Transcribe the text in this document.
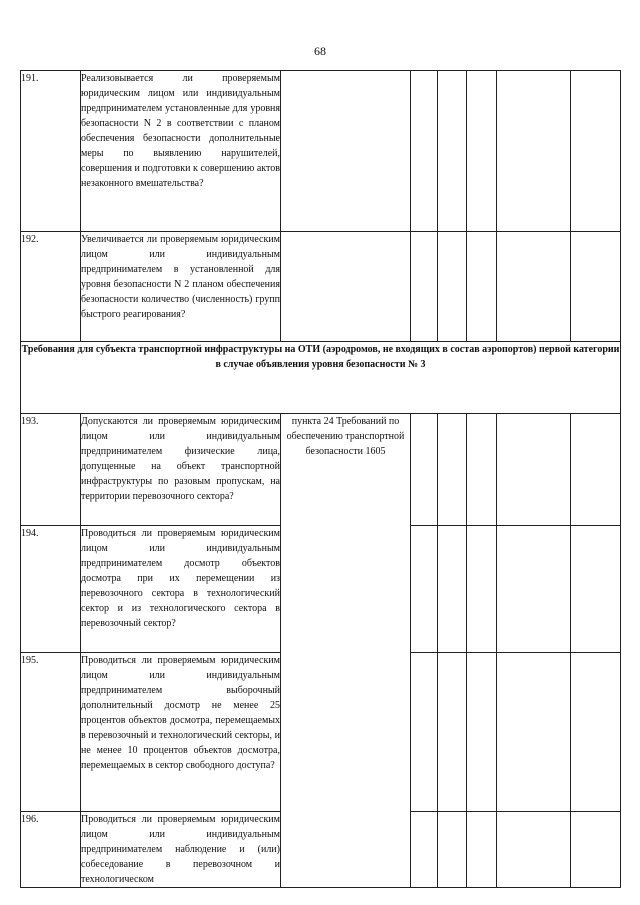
68
191.	Реализовывается ли проверяемым юридическим лицом или индивидуальным предпринимателем установленные для уровня безопасности N 2 в соответствии с планом обеспечения безопасности дополнительные меры по выявлению нарушителей, совершения и подготовки к совершению актов незаконного вмешательства?						
192.	Увеличивается ли проверяемым юридическим лицом или индивидуальным предпринимателем в установленной для уровня безопасности N 2 планом обеспечения безопасности количество (численность) групп быстрого реагирования?						
Требования для субъекта транспортной инфраструктуры на ОТИ (аэродромов, не входящих в состав аэропортов) первой категории в случае объявления уровня безопасности № 3							
193.	Допускаются ли проверяемым юридическим лицом или индивидуальным предпринимателем физические лица, допущенные на объект транспортной инфраструктуры по разовым пропускам, на территории перевозочного сектора?	пункта 24 Требований по обеспечению транспортной безопасности 1605					
194.	Проводиться ли проверяемым юридическим лицом или индивидуальным предпринимателем досмотр объектов досмотра при их перемещении из перевозочного сектора в технологический сектор и из технологического сектора в перевозочный сектор?						
195.	Проводиться ли проверяемым юридическим лицом или индивидуальным предпринимателем выборочный дополнительный досмотр не менее 25 процентов объектов досмотра, перемещаемых в перевозочный и технологический секторы, и не менее 10 процентов объектов досмотра, перемещаемых в сектор свободного доступа?						
196.	Проводиться ли проверяемым юридическим лицом или индивидуальным предпринимателем наблюдение и (или) собеседование в перевозочном и технологическом						
